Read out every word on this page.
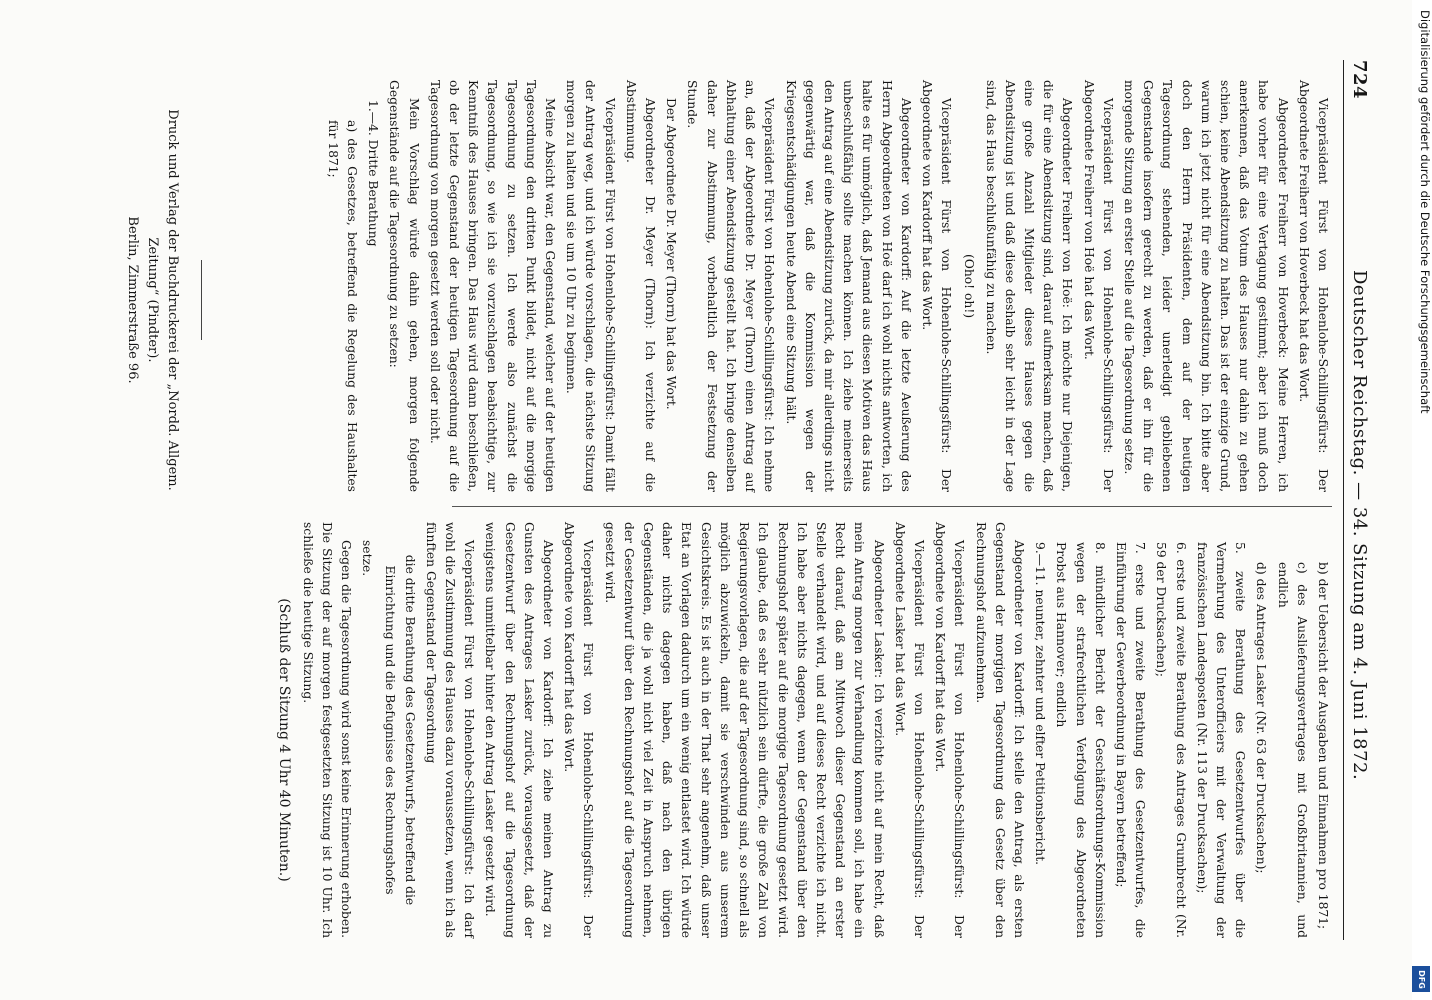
724
Deutscher Reichstag. — 34. Sitzung am 4. Juni 1872.

Vicepräsident Fürst von Hohenlohe-Schillingsfürst: Der Abgeordnete Freiherr von Hoverbeck hat das Wort.

Abgeordneter Freiherr von Hoverbeck: Meine Herren, ich habe vorher für eine Vertagung gestimmt; aber ich muß doch anerkennen, daß das Votum des Hauses nur dahin zu gehen schien, keine Abendsitzung zu halten. Das ist der einzige Grund, warum ich jetzt nicht für eine Abendsitzung bin. Ich bitte aber doch den Herrn Präsidenten, dem auf der heutigen Tagesordnung stehenden, leider unerledigt gebliebenen Gegenstande insofern gerecht zu werden, daß er ihn für die morgende Sitzung an erster Stelle auf die Tagesordnung setze.

Vicepräsident Fürst von Hohenlohe-Schillingsfürst: Der Abgeordnete Freiherr von Hoë hat das Wort.

Abgeordneter Freiherr von Hoë: Ich möchte nur Diejenigen, die für eine Abendsitzung sind, darauf aufmerksam machen, daß eine große Anzahl Mitglieder dieses Hauses gegen die Abendsitzung ist und daß diese deshalb sehr leicht in der Lage sind, das Haus beschlußunfähig zu machen.

(Oho! oh!)

Vicepräsident Fürst von Hohenlohe-Schillingsfürst: Der Abgeordnete von Kardorff hat das Wort.

Abgeordneter von Kardorff: Auf die letzte Aeußerung des Herrn Abgeordneten von Hoë darf ich wohl nichts antworten, ich halte es für unmöglich, daß Jemand aus diesen Motiven das Haus unbeschlußfähig sollte machen können. Ich ziehe meinerseits den Antrag auf eine Abendsitzung zurück, da mir allerdings nicht gegenwärtig war, daß die Kommission wegen der Kriegsentschädigungen heute Abend eine Sitzung hält.

Vicepräsident Fürst von Hohenlohe-Schillingsfürst: Ich nehme an, daß der Abgeordnete Dr. Meyer (Thorn) einen Antrag auf Abhaltung einer Abendsitzung gestellt hat. Ich bringe denselben daher zur Abstimmung, vorbehaltlich der Festsetzung der Stunde.

Der Abgeordnete Dr. Meyer (Thorn) hat das Wort.

Abgeordneter Dr. Meyer (Thorn): Ich verzichte auf die Abstimmung.

Vicepräsident Fürst von Hohenlohe-Schillingsfürst: Damit fällt der Antrag weg, und ich würde vorschlagen, die nächste Sitzung morgen zu halten und sie um 10 Uhr zu beginnen.

Meine Absicht war, den Gegenstand, welcher auf der heutigen Tagesordnung den dritten Punkt bildet, nicht auf die morgige Tagesordnung zu setzen. Ich werde also zunächst die Tagesordnung, so wie ich sie vorzuschlagen beabsichtige, zur Kenntniß des Hauses bringen. Das Haus wird dann beschließen, ob der letzte Gegenstand der heutigen Tagesordnung auf die Tagesordnung von morgen gesetzt werden soll oder nicht.

Mein Vorschlag würde dahin gehen, morgen folgende Gegenstände auf die Tagesordnung zu setzen:

1.—4. Dritte Berathung

a) des Gesetzes, betreffend die Regelung des Haushaltes für 1871;

b) der Uebersicht der Ausgaben und Einnahmen pro 1871;

c) des Auslieferungsvertrages mit Großbritannien, und endlich

d) des Antrages Lasker (Nr. 63 der Drucksachen);

5. zweite Berathung des Gesetzentwurfes über die Vermehrung des Unterofficiers mit der Verwaltung der französischen Landesposten (Nr. 113 der Drucksachen);

6. erste und zweite Berathung des Antrages Grumbrecht (Nr. 59 der Drucksachen);

7. erste und zweite Berathung des Gesetzentwurfes, die Einführung der Gewerbeordnung in Bayern betreffend;

8. mündlicher Bericht der Geschäftsordnungs-Kommission wegen der strafrechtlichen Verfolgung des Abgeordneten Probst aus Hannover; endlich

9.—11. neunter, zehnter und elfter Petitionsbericht.

Abgeordneter von Kardorff: Ich stelle den Antrag, als ersten Gegenstand der morgigen Tagesordnung das Gesetz über den Rechnungshof aufzunehmen.

Vicepräsident Fürst von Hohenlohe-Schillingsfürst: Der Abgeordnete von Kardorff hat das Wort.

Vicepräsident Fürst von Hohenlohe-Schillingsfürst: Der Abgeordnete Lasker hat das Wort.

Abgeordneter Lasker: Ich verzichte nicht auf mein Recht, daß mein Antrag morgen zur Verhandlung kommen soll, ich habe ein Recht darauf, daß am Mittwoch dieser Gegenstand an erster Stelle verhandelt wird, und auf dieses Recht verzichte ich nicht. Ich habe aber nichts dagegen, wenn der Gegenstand über den Rechnungshof später auf die morgige Tagesordnung gesetzt wird. Ich glaube, daß es sehr nützlich sein dürfte, die große Zahl von Regierungsvorlagen, die auf der Tagesordnung sind, so schnell als möglich abzuwickeln, damit sie verschwinden aus unserem Gesichtskreis. Es ist auch in der That sehr angenehm, daß unser Etat an Vorlagen dadurch um ein wenig entlastet wird. Ich würde daher nichts dagegen haben, daß nach den übrigen Gegenständen, die ja wohl nicht viel Zeit in Anspruch nehmen, der Gesetzentwurf über den Rechnungshof auf die Tagesordnung gesetzt wird.

Vicepräsident Fürst von Hohenlohe-Schillingsfürst: Der Abgeordnete von Kardorff hat das Wort.

Abgeordneter von Kardorff: Ich ziehe meinen Antrag zu Gunsten des Antrages Lasker zurück, vorausgesetzt, daß der Gesetzentwurf über den Rechnungshof auf die Tagesordnung wenigstens unmittelbar hinter den Antrag Lasker gesetzt wird.

Vicepräsident Fürst von Hohenlohe-Schillingsfürst: Ich darf wohl die Zustimmung des Hauses dazu voraussetzen, wenn ich als fünften Gegenstand der Tagesordnung

die dritte Berathung des Gesetzentwurfs, betreffend die Einrichtung und die Befugnisse des Rechnungshofes

setze.

Gegen die Tagesordnung wird sonst keine Erinnerung erhoben. Die Sitzung der auf morgen festgesetzten Sitzung ist 10 Uhr. Ich schließe die heutige Sitzung.

(Schluß der Sitzung 4 Uhr 40 Minuten.)
Druck und Verlag der Buchdruckerei der „Nordd. Allgem. Zeitung“ (Pindter).
Berlin, Zimmerstraße 96.	Digitalisierung gefördert durch die Deutsche Forschungsgemeinschaft
DFG
